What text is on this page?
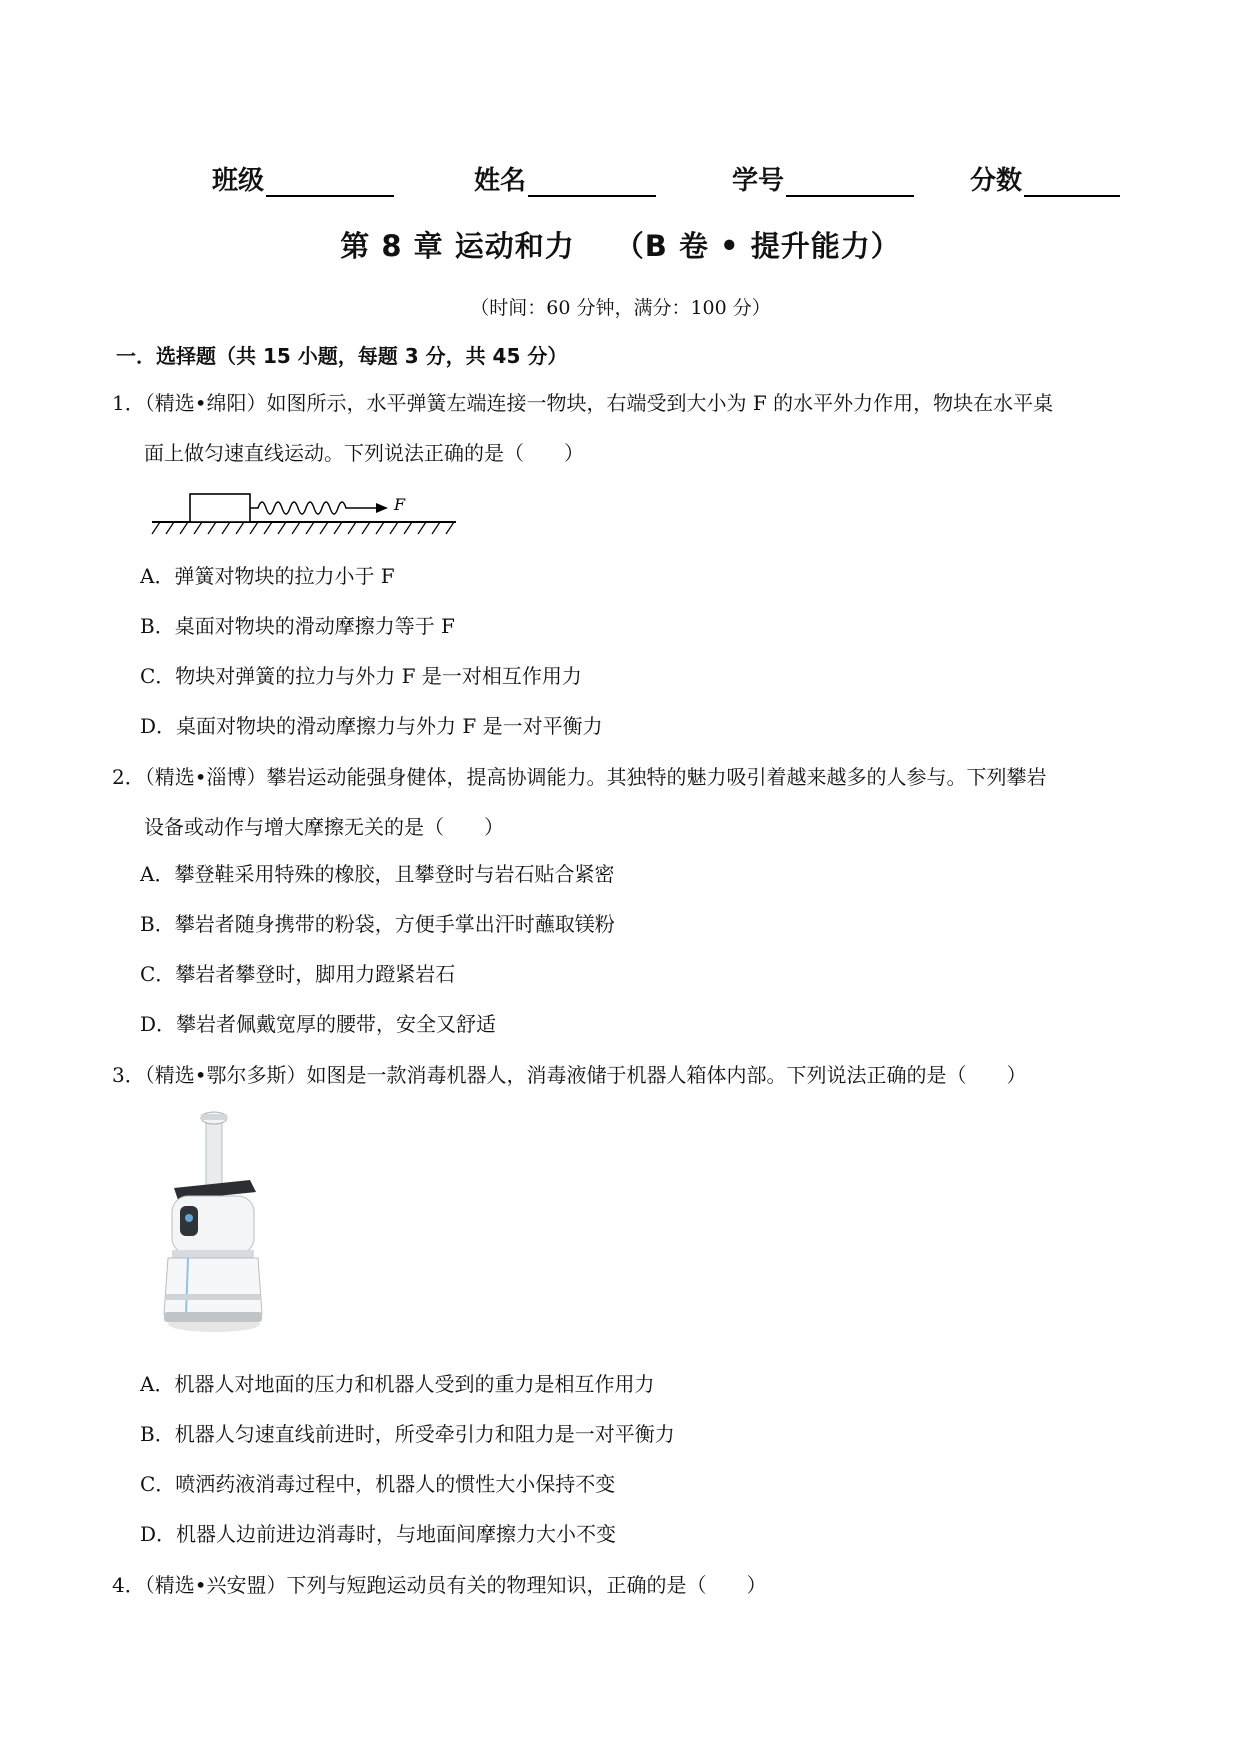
班级	姓名	学号	分数
第 8 章 运动和力 （B 卷 • 提升能力）
（时间：60 分钟，满分：100 分）
一．选择题（共 15 小题，每题 3 分，共 45 分）
1．（精选•绵阳）如图所示，水平弹簧左端连接一物块，右端受到大小为 F 的水平外力作用，物块在水平桌
面上做匀速直线运动。下列说法正确的是（　　）
F
A．弹簧对物块的拉力小于 F
B．桌面对物块的滑动摩擦力等于 F
C．物块对弹簧的拉力与外力 F 是一对相互作用力
D．桌面对物块的滑动摩擦力与外力 F 是一对平衡力
2．（精选•淄博）攀岩运动能强身健体，提高协调能力。其独特的魅力吸引着越来越多的人参与。下列攀岩
设备或动作与增大摩擦无关的是（　　）
A．攀登鞋采用特殊的橡胶，且攀登时与岩石贴合紧密
B．攀岩者随身携带的粉袋，方便手掌出汗时蘸取镁粉
C．攀岩者攀登时，脚用力蹬紧岩石
D．攀岩者佩戴宽厚的腰带，安全又舒适
3．（精选•鄂尔多斯）如图是一款消毒机器人，消毒液储于机器人箱体内部。下列说法正确的是（　　）
A．机器人对地面的压力和机器人受到的重力是相互作用力
B．机器人匀速直线前进时，所受牵引力和阻力是一对平衡力
C．喷洒药液消毒过程中，机器人的惯性大小保持不变
D．机器人边前进边消毒时，与地面间摩擦力大小不变
4．（精选•兴安盟）下列与短跑运动员有关的物理知识，正确的是（　　）
